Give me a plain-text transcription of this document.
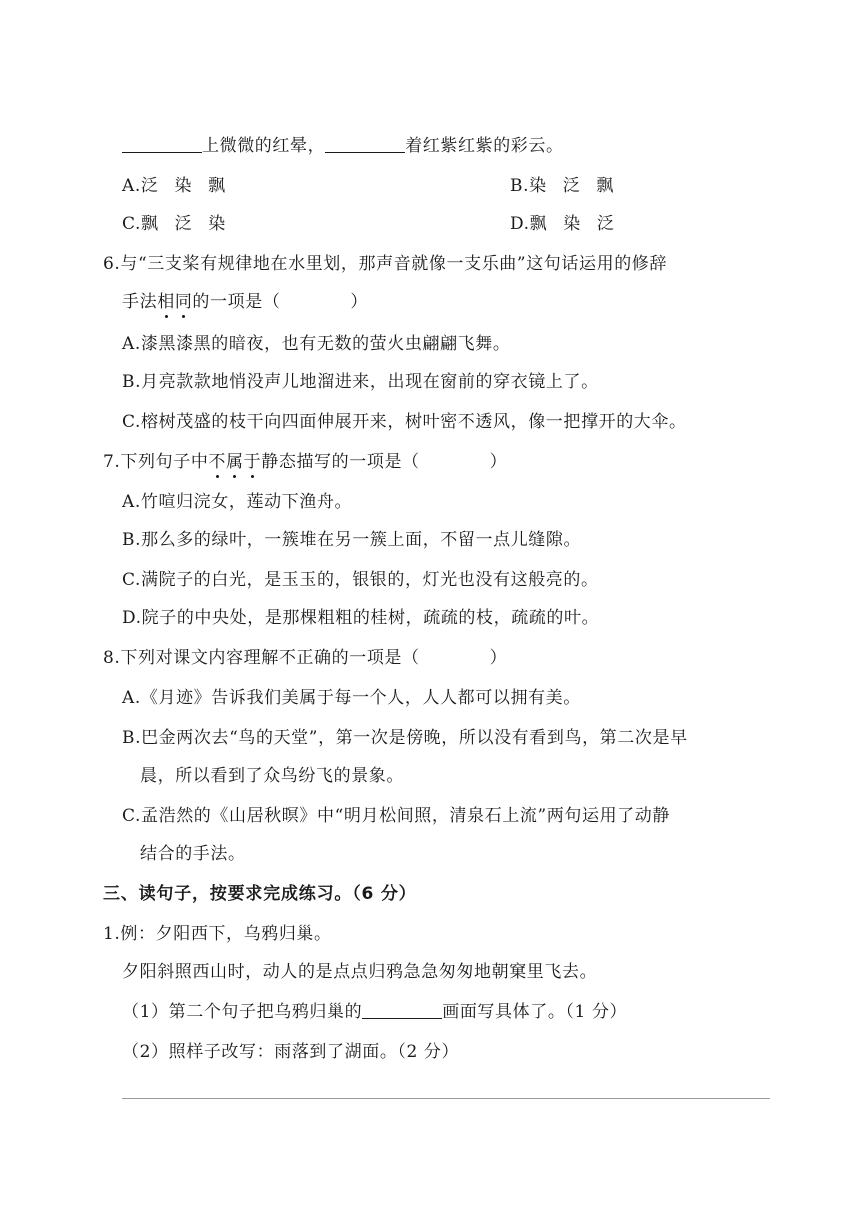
上微微的红晕，	着红紫红紫的彩云。
A.泛 染 飘	B.染 泛 飘
C.飘 泛 染	D.飘 染 泛
6.与“三支桨有规律地在水里划，那声音就像一支乐曲”这句话运用的修辞
手法相同的一项是（	）
A.漆黑漆黑的暗夜，也有无数的萤火虫翩翩飞舞。
B.月亮款款地悄没声儿地溜进来，出现在窗前的穿衣镜上了。
C.榕树茂盛的枝干向四面伸展开来，树叶密不透风，像一把撑开的大伞。
7.下列句子中不属于静态描写的一项是（	）
A.竹喧归浣女，莲动下渔舟。
B.那么多的绿叶，一簇堆在另一簇上面，不留一点儿缝隙。
C.满院子的白光，是玉玉的，银银的，灯光也没有这般亮的。
D.院子的中央处，是那棵粗粗的桂树，疏疏的枝，疏疏的叶。
8.下列对课文内容理解不正确的一项是（	）
A.《月迹》告诉我们美属于每一个人，人人都可以拥有美。
B.巴金两次去“鸟的天堂”，第一次是傍晚，所以没有看到鸟，第二次是早
晨，所以看到了众鸟纷飞的景象。
C.孟浩然的《山居秋暝》中“明月松间照，清泉石上流”两句运用了动静
结合的手法。
三、读句子，按要求完成练习。（6 分）
1.例：夕阳西下，乌鸦归巢。
夕阳斜照西山时，动人的是点点归鸦急急匆匆地朝窠里飞去。
（1）第二个句子把乌鸦归巢的	画面写具体了。（1 分）
（2）照样子改写：雨落到了湖面。（2 分）
